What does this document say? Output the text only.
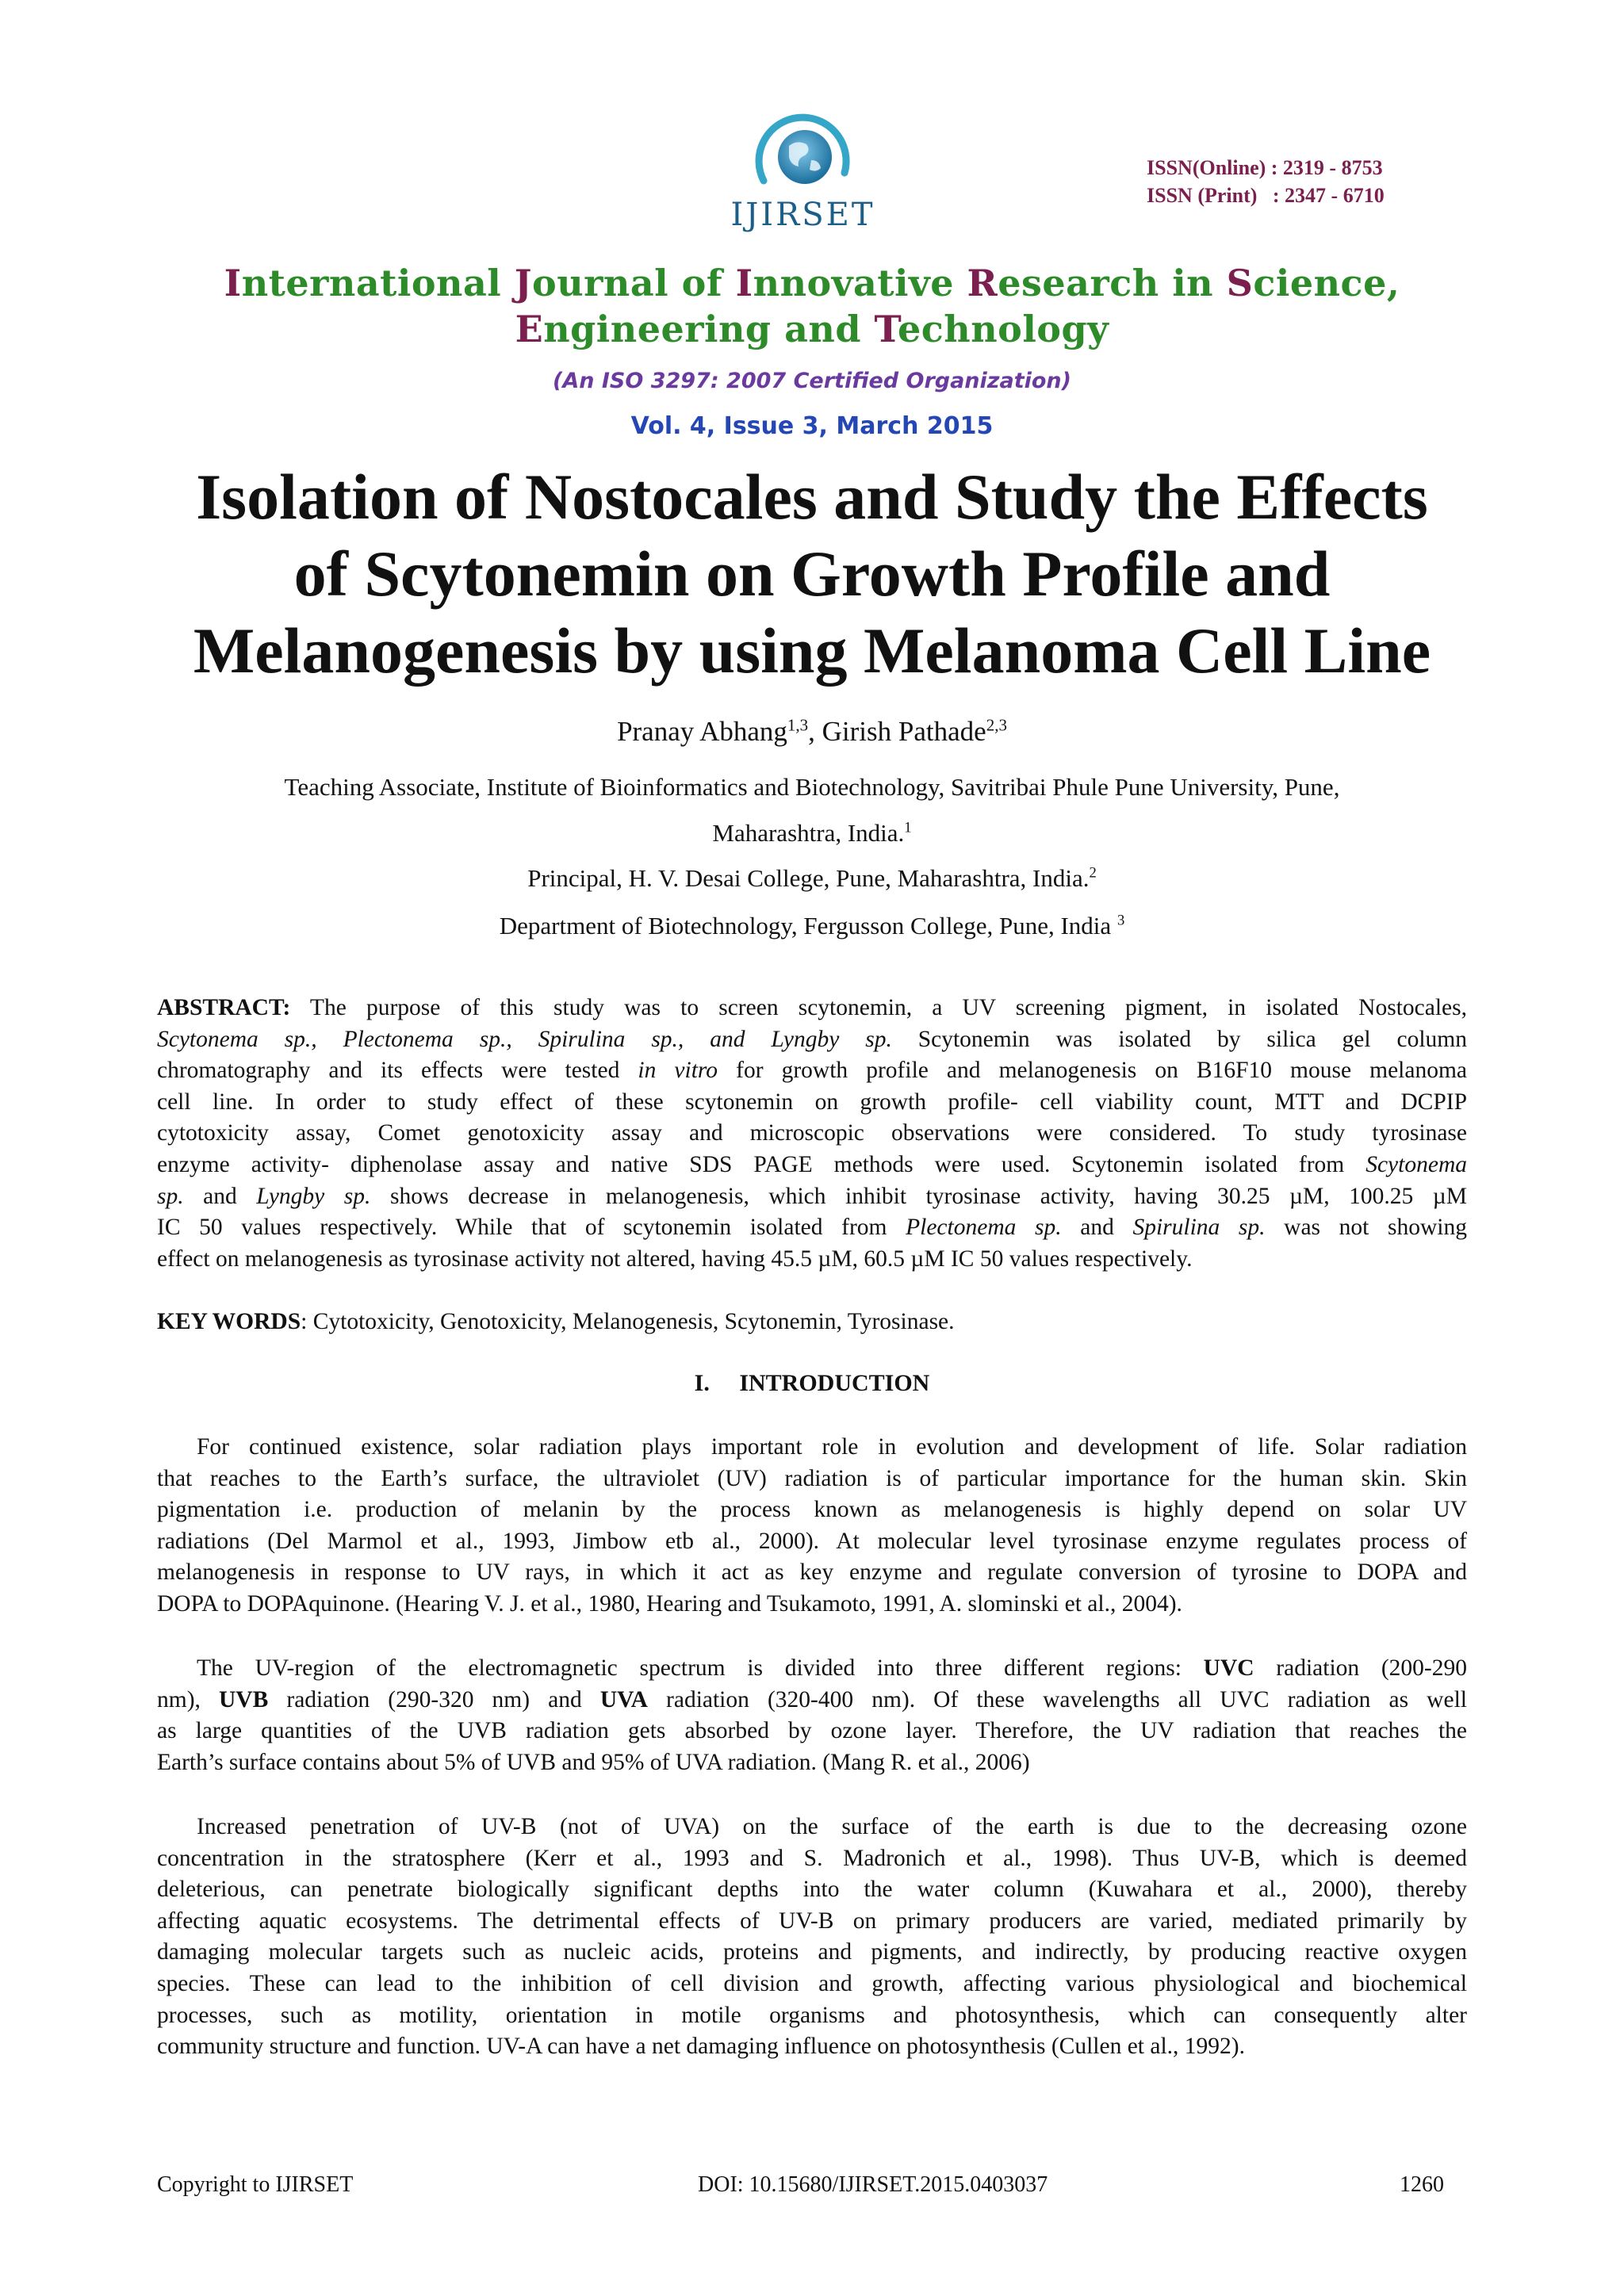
IJIRSET
ISSN(Online) : 2319 - 8753
ISSN (Print)   : 2347 - 6710
International Journal of Innovative Research in Science,
Engineering and Technology
(An ISO 3297: 2007 Certified Organization)
Vol. 4, Issue 3, March 2015
Isolation of Nostocales and Study the Effects
of Scytonemin on Growth Profile and
Melanogenesis by using Melanoma Cell Line
Pranay Abhang$^{1,3}$, Girish Pathade$^{2,3}$
Teaching Associate, Institute of Bioinformatics and Biotechnology, Savitribai Phule Pune University, Pune,
Maharashtra, India.$^1$
Principal, H. V. Desai College, Pune, Maharashtra, India.$^2$
Department of Biotechnology, Fergusson College, Pune, India $^3$
ABSTRACT: The purpose of this study was to screen scytonemin, a UV screening pigment, in isolated Nostocales,
Scytonema sp., Plectonema sp., Spirulina sp., and Lyngby sp. Scytonemin was isolated by silica gel column
chromatography and its effects were tested in vitro for growth profile and melanogenesis on B16F10 mouse melanoma
cell line. In order to study effect of these scytonemin on growth profile- cell viability count, MTT and DCPIP
cytotoxicity assay, Comet genotoxicity assay and microscopic observations were considered. To study tyrosinase
enzyme activity- diphenolase assay and native SDS PAGE methods were used. Scytonemin isolated from Scytonema
sp. and Lyngby sp. shows decrease in melanogenesis, which inhibit tyrosinase activity, having 30.25 µM, 100.25 µM
IC 50 values respectively. While that of scytonemin isolated from Plectonema sp. and Spirulina sp. was not showing
effect on melanogenesis as tyrosinase activity not altered, having 45.5 µM, 60.5 µM IC 50 values respectively.
KEY WORDS: Cytotoxicity, Genotoxicity, Melanogenesis, Scytonemin, Tyrosinase.
I.     INTRODUCTION
For continued existence, solar radiation plays important role in evolution and development of life. Solar radiation
that reaches to the Earth’s surface, the ultraviolet (UV) radiation is of particular importance for the human skin. Skin
pigmentation i.e. production of melanin by the process known as melanogenesis is highly depend on solar UV
radiations (Del Marmol et al., 1993, Jimbow etb al., 2000). At molecular level tyrosinase enzyme regulates process of
melanogenesis in response to UV rays, in which it act as key enzyme and regulate conversion of tyrosine to DOPA and
DOPA to DOPAquinone. (Hearing V. J. et al., 1980, Hearing and Tsukamoto, 1991, A. slominski et al., 2004).
The UV-region of the electromagnetic spectrum is divided into three different regions: UVC radiation (200-290
nm), UVB radiation (290-320 nm) and UVA radiation (320-400 nm). Of these wavelengths all UVC radiation as well
as large quantities of the UVB radiation gets absorbed by ozone layer. Therefore, the UV radiation that reaches the
Earth’s surface contains about 5% of UVB and 95% of UVA radiation. (Mang R. et al., 2006)
Increased penetration of UV-B (not of UVA) on the surface of the earth is due to the decreasing ozone
concentration in the stratosphere (Kerr et al., 1993 and S. Madronich et al., 1998). Thus UV-B, which is deemed
deleterious, can penetrate biologically significant depths into the water column (Kuwahara et al., 2000), thereby
affecting aquatic ecosystems. The detrimental effects of UV-B on primary producers are varied, mediated primarily by
damaging molecular targets such as nucleic acids, proteins and pigments, and indirectly, by producing reactive oxygen
species. These can lead to the inhibition of cell division and growth, affecting various physiological and biochemical
processes, such as motility, orientation in motile organisms and photosynthesis, which can consequently alter
community structure and function. UV-A can have a net damaging influence on photosynthesis (Cullen et al., 1992).
Copyright to IJIRSET	DOI: 10.15680/IJIRSET.2015.0403037	1260
